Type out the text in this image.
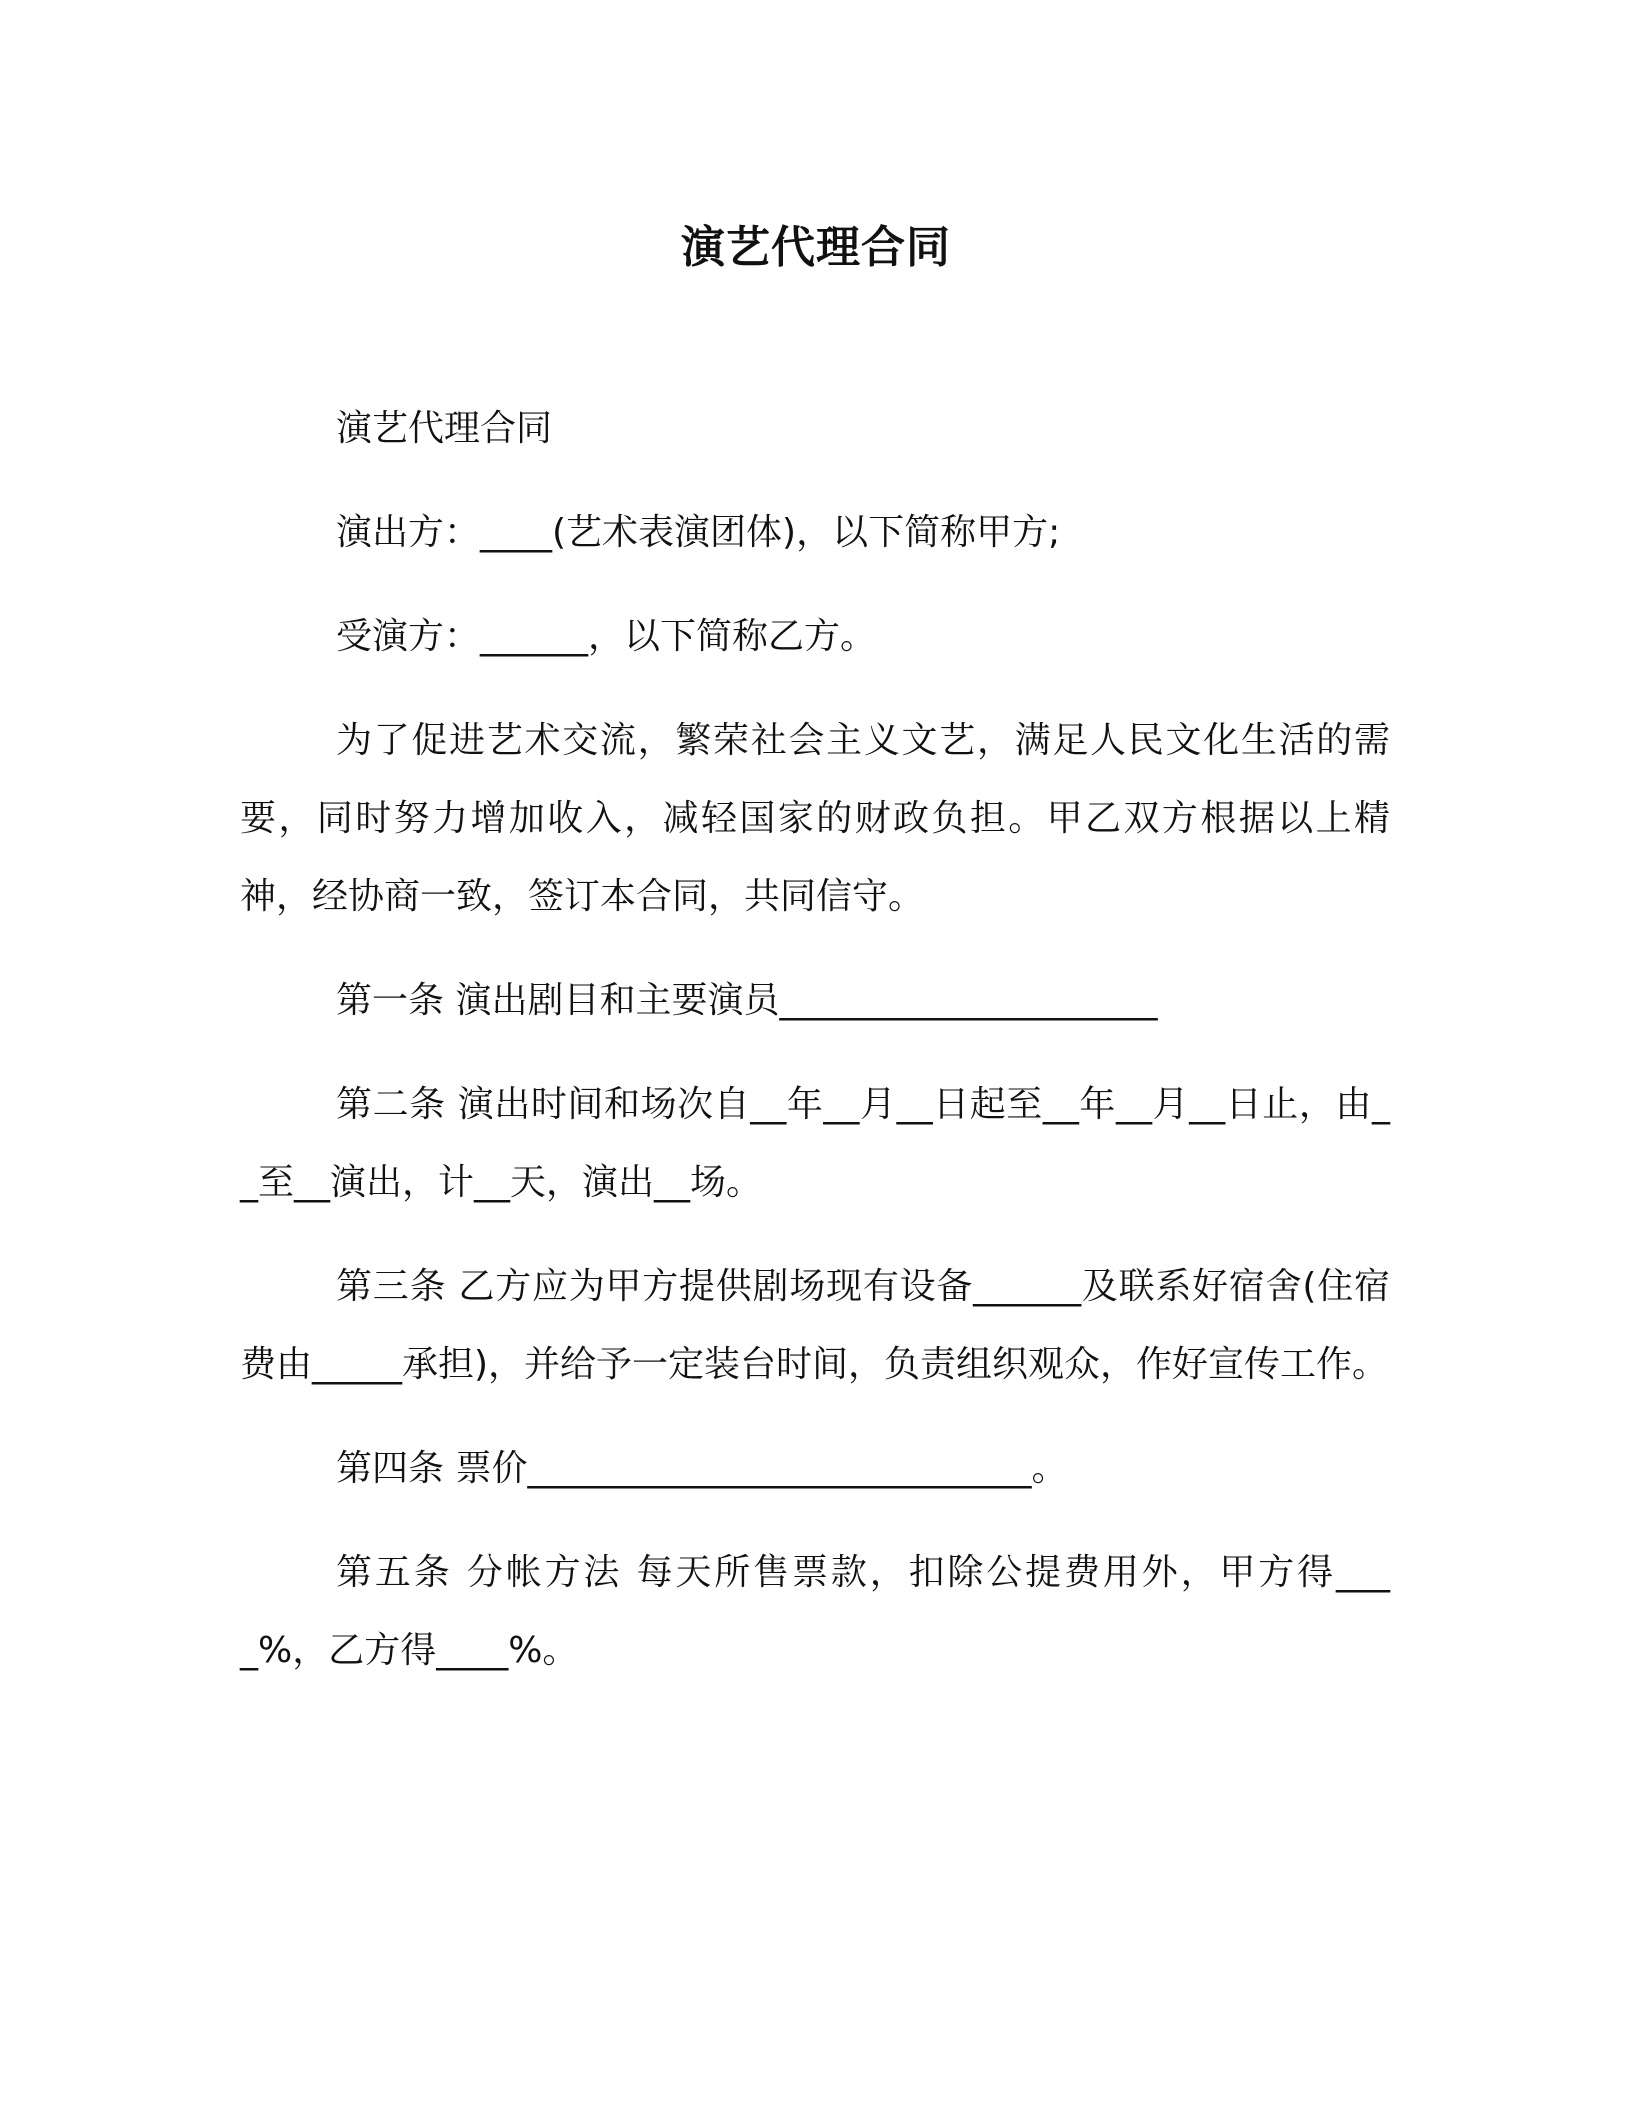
演艺代理合同

演艺代理合同

演出方：____(艺术表演团体)，以下简称甲方;

受演方：______，以下简称乙方。

为了促进艺术交流，繁荣社会主义文艺，满足人民文化生活的需要，同时努力增加收入，减轻国家的财政负担。甲乙双方根据以上精神，经协商一致，签订本合同，共同信守。

第一条 演出剧目和主要演员_____________________

第二条 演出时间和场次自__年__月__日起至__年__月__日止，由__至__演出，计__天，演出__场。

第三条 乙方应为甲方提供剧场现有设备______及联系好宿舍(住宿费由_____承担)，并给予一定装台时间，负责组织观众，作好宣传工作。

第四条 票价____________________________。

第五条 分帐方法 每天所售票款，扣除公提费用外，甲方得____%，乙方得____%。
